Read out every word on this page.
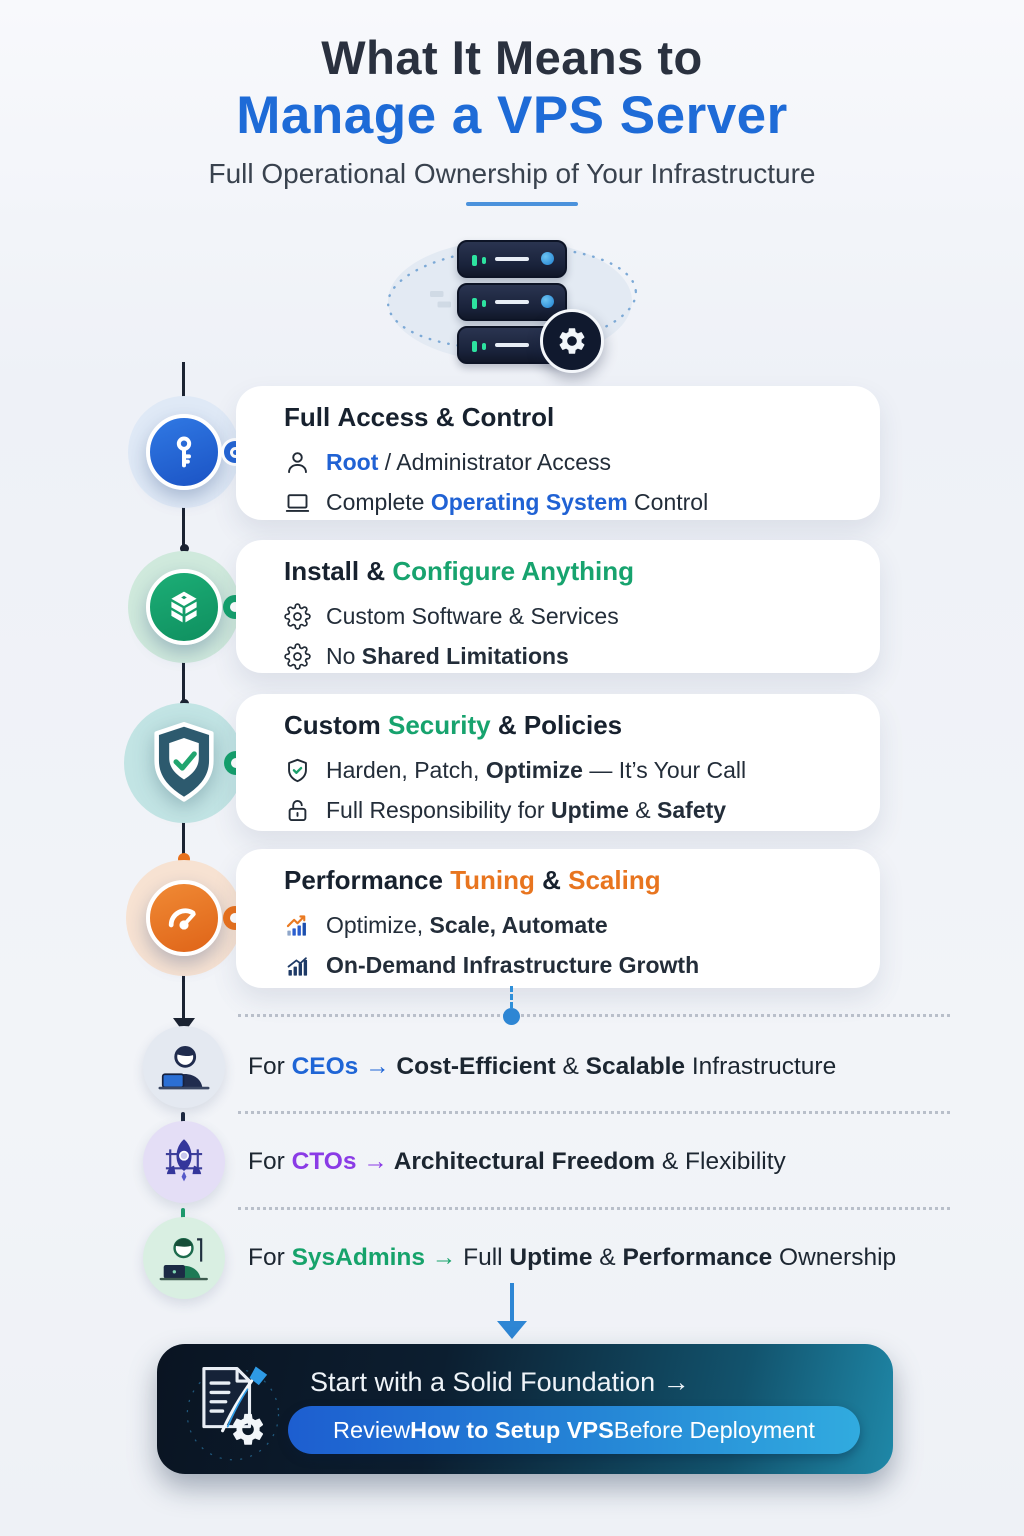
What It Means to
Manage a VPS Server
Full Operational Ownership of Your Infrastructure
Full Access & Control
Root / Administrator Access
Complete Operating System Control
Install & Configure Anything
Custom Software & Services
No Shared Limitations
Custom Security & Policies
Harden, Patch, Optimize — It’s Your Call
Full Responsibility for Uptime & Safety
Performance Tuning & Scaling
Optimize, Scale, Automate
On-Demand Infrastructure Growth
For CEOs → Cost-Efficient & Scalable Infrastructure
For CTOs → Architectural Freedom & Flexibility
For SysAdmins → Full Uptime & Performance Ownership
Start with a Solid Foundation →
Review How to Setup VPS Before Deployment
